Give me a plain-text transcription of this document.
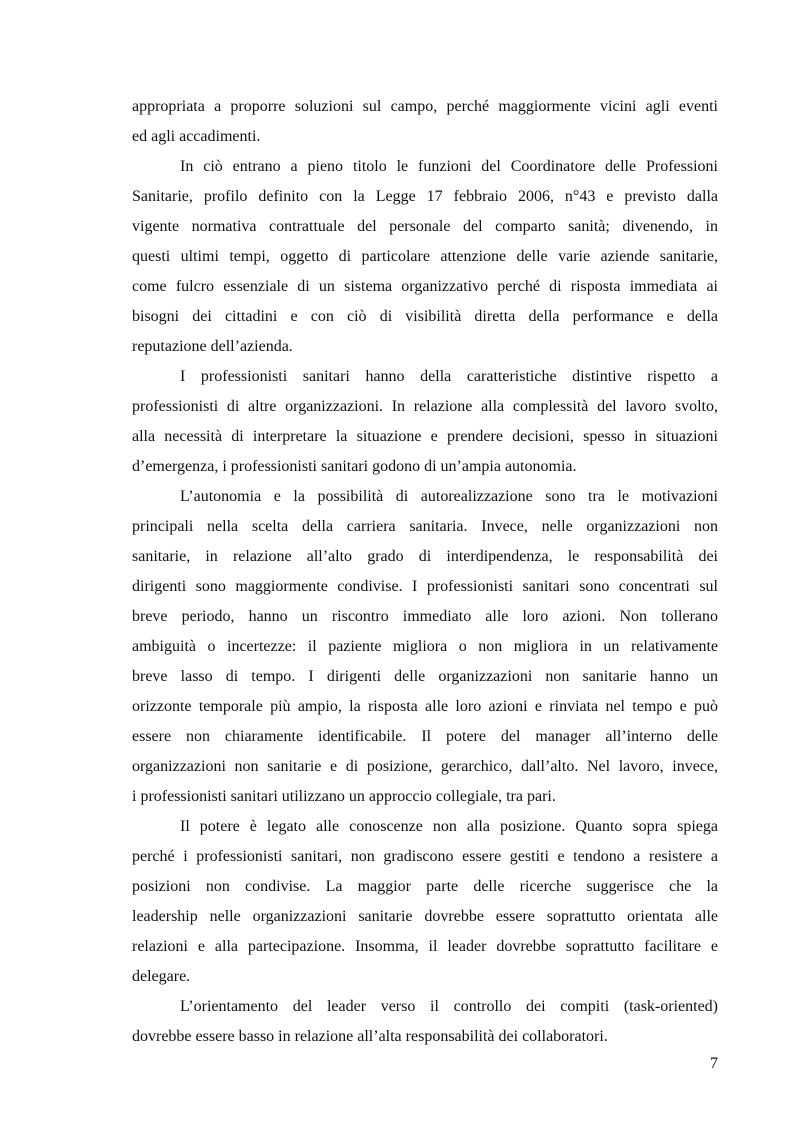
appropriata a proporre soluzioni sul campo, perché maggiormente vicini agli eventi
ed agli accadimenti.

In ciò entrano a pieno titolo le funzioni del Coordinatore delle Professioni
Sanitarie, profilo definito con la Legge 17 febbraio 2006, n°43 e previsto dalla
vigente normativa contrattuale del personale del comparto sanità; divenendo, in
questi ultimi tempi, oggetto di particolare attenzione delle varie aziende sanitarie,
come fulcro essenziale di un sistema organizzativo perché di risposta immediata ai
bisogni dei cittadini e con ciò di visibilità diretta della performance e della
reputazione dell’azienda.

I professionisti sanitari hanno della caratteristiche distintive rispetto a
professionisti di altre organizzazioni. In relazione alla complessità del lavoro svolto,
alla necessità di interpretare la situazione e prendere decisioni, spesso in situazioni
d’emergenza, i professionisti sanitari godono di un’ampia autonomia.

L’autonomia e la possibilità di autorealizzazione sono tra le motivazioni
principali nella scelta della carriera sanitaria. Invece, nelle organizzazioni non
sanitarie, in relazione all’alto grado di interdipendenza, le responsabilità dei
dirigenti sono maggiormente condivise. I professionisti sanitari sono concentrati sul
breve periodo, hanno un riscontro immediato alle loro azioni. Non tollerano
ambiguità o incertezze: il paziente migliora o non migliora in un relativamente
breve lasso di tempo. I dirigenti delle organizzazioni non sanitarie hanno un
orizzonte temporale più ampio, la risposta alle loro azioni e rinviata nel tempo e può
essere non chiaramente identificabile. Il potere del manager all’interno delle
organizzazioni non sanitarie e di posizione, gerarchico, dall’alto. Nel lavoro, invece,
i professionisti sanitari utilizzano un approccio collegiale, tra pari.

Il potere è legato alle conoscenze non alla posizione. Quanto sopra spiega
perché i professionisti sanitari, non gradiscono essere gestiti e tendono a resistere a
posizioni non condivise. La maggior parte delle ricerche suggerisce che la
leadership nelle organizzazioni sanitarie dovrebbe essere soprattutto orientata alle
relazioni e alla partecipazione. Insomma, il leader dovrebbe soprattutto facilitare e
delegare.

L’orientamento del leader verso il controllo dei compiti (task-oriented)
dovrebbe essere basso in relazione all’alta responsabilità dei collaboratori.

7
